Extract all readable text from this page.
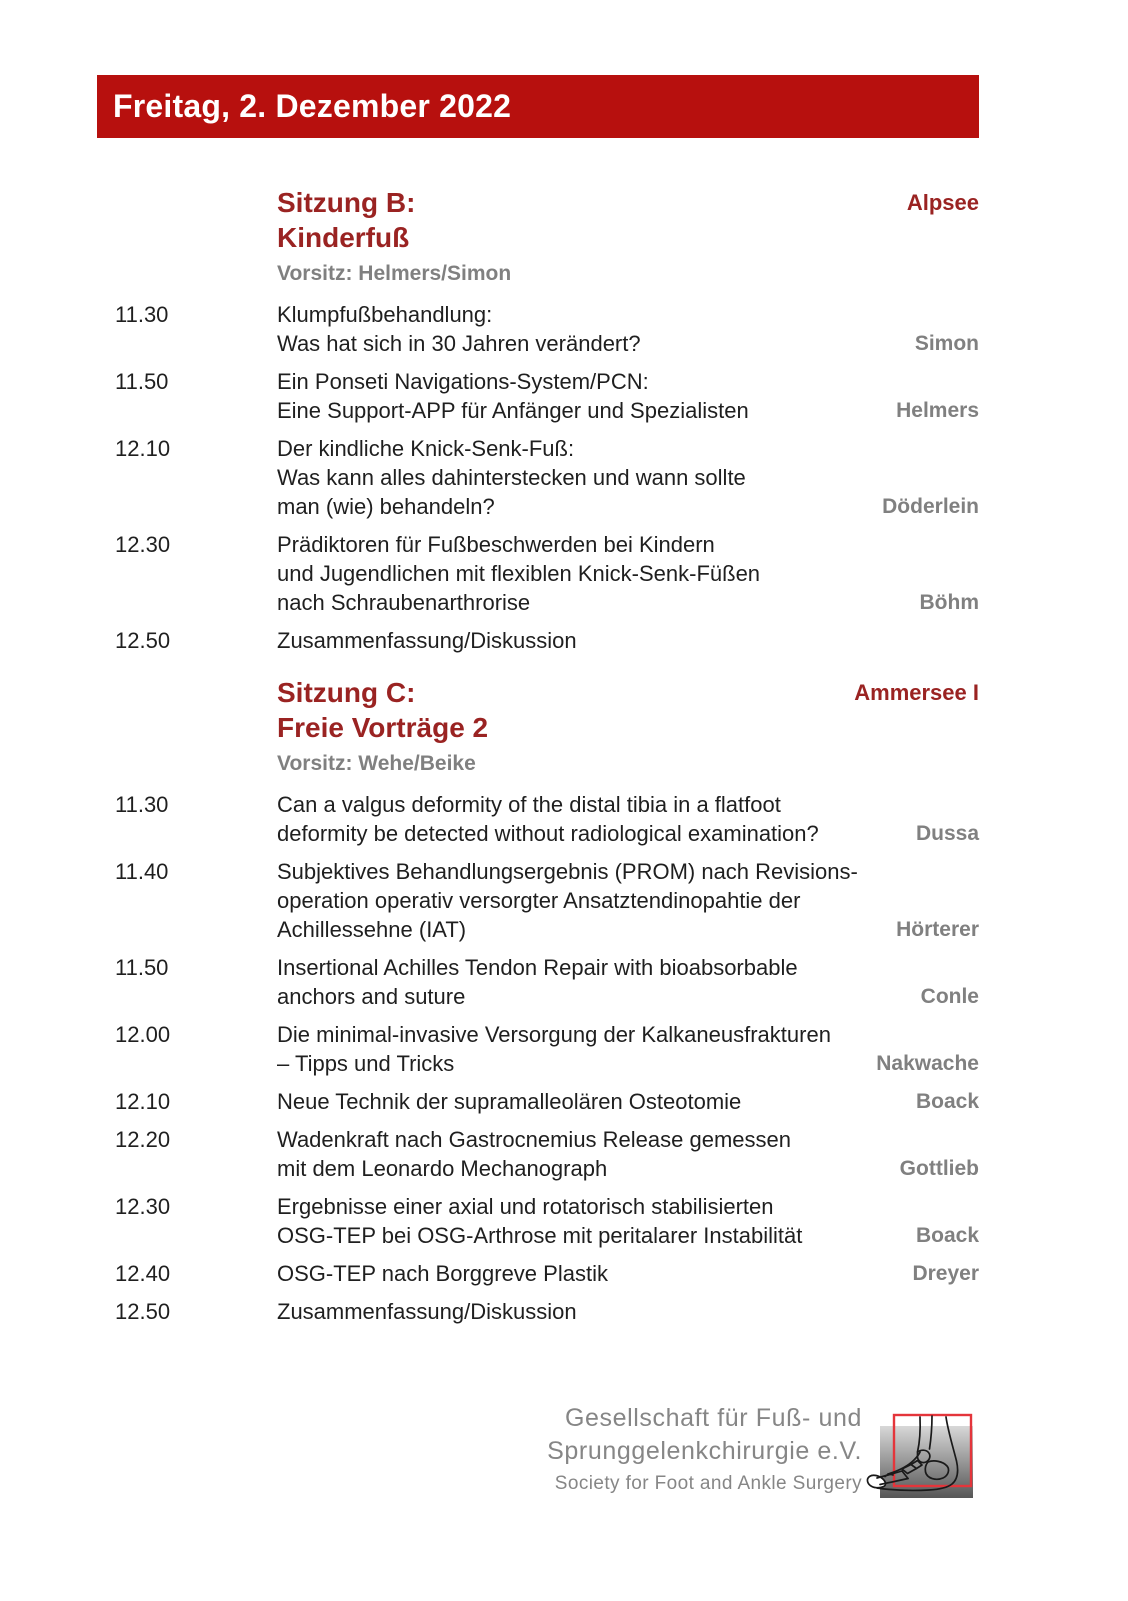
Freitag, 2. Dezember 2022
Sitzung B:
Kinderfuß
Alpsee
Vorsitz: Helmers/Simon
11.30	Klumpfußbehandlung:
Was hat sich in 30 Jahren verändert?	Simon
11.50	Ein Ponseti Navigations-System/PCN:
Eine Support-APP für Anfänger und Spezialisten	Helmers
12.10	Der kindliche Knick-Senk-Fuß:
Was kann alles dahinterstecken und wann sollte
man (wie) behandeln?	Döderlein
12.30	Prädiktoren für Fußbeschwerden bei Kindern
und Jugendlichen mit flexiblen Knick-Senk-Füßen
nach Schraubenarthrorise	Böhm
12.50	Zusammenfassung/Diskussion
Sitzung C:
Freie Vorträge 2
Ammersee I
Vorsitz: Wehe/Beike
11.30	Can a valgus deformity of the distal tibia in a flatfoot
deformity be detected without radiological examination?	Dussa
11.40	Subjektives Behandlungsergebnis (PROM) nach Revisions-
operation operativ versorgter Ansatztendinopahtie der
Achillessehne (IAT)	Hörterer
11.50	Insertional Achilles Tendon Repair with bioabsorbable
anchors and suture	Conle
12.00	Die minimal-invasive Versorgung der Kalkaneusfrakturen
– Tipps und Tricks	Nakwache
12.10	Neue Technik der supramalleolären Osteotomie	Boack
12.20	Wadenkraft nach Gastrocnemius Release gemessen
mit dem Leonardo Mechanograph	Gottlieb
12.30	Ergebnisse einer axial und rotatorisch stabilisierten
OSG-TEP bei OSG-Arthrose mit peritalarer Instabilität	Boack
12.40	OSG-TEP nach Borggreve Plastik	Dreyer
12.50	Zusammenfassung/Diskussion
Gesellschaft für Fuß- und
Sprunggelenkchirurgie e.V.
Society for Foot and Ankle Surgery
